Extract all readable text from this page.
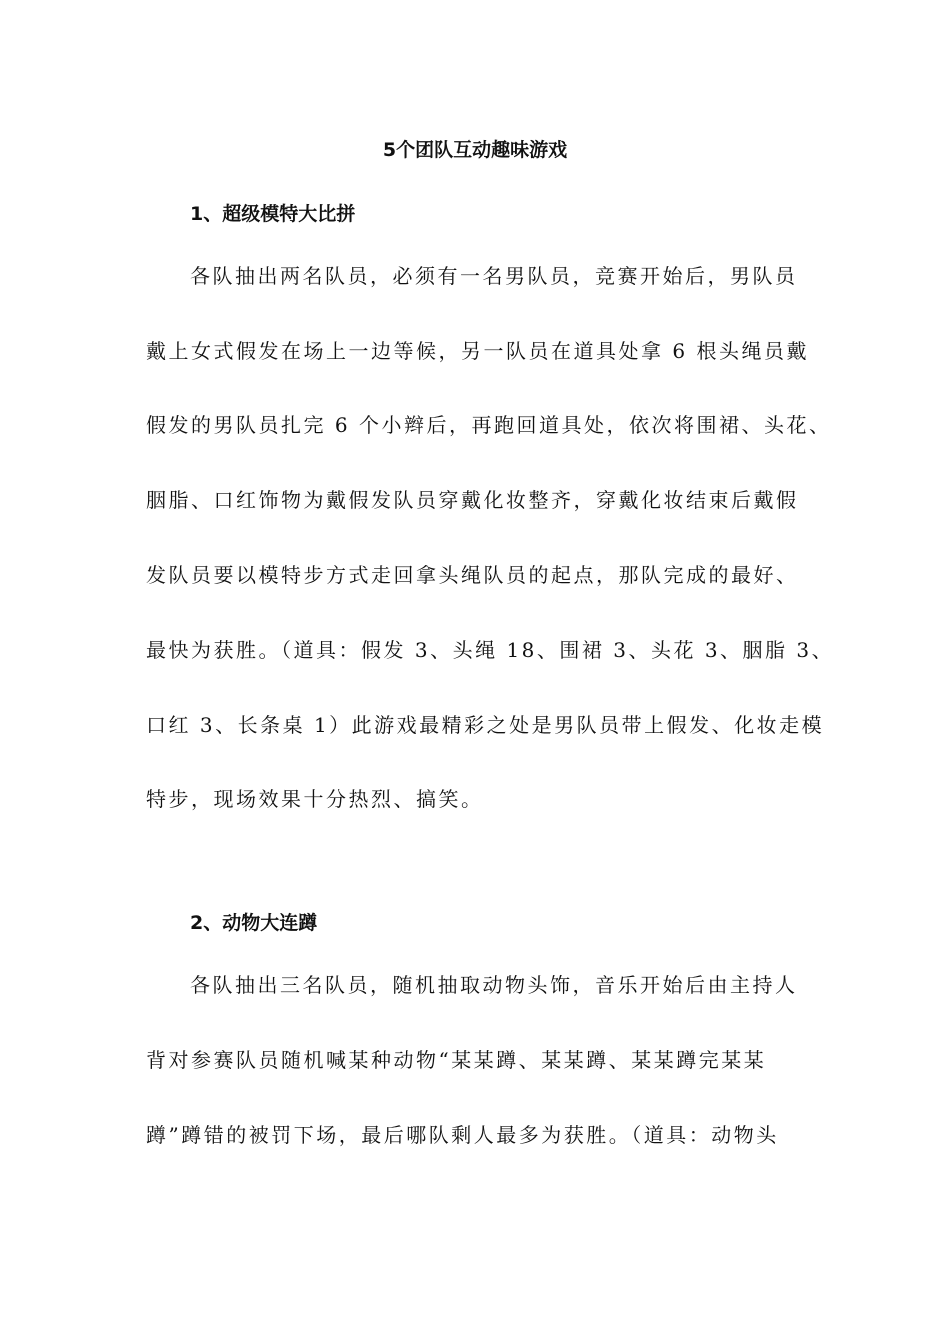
5个团队互动趣味游戏
1、超级模特大比拼
各队抽出两名队员，必须有一名男队员，竞赛开始后，男队员
戴上女式假发在场上一边等候，另一队员在道具处拿 6 根头绳员戴
假发的男队员扎完 6 个小辫后，再跑回道具处，依次将围裙、头花、
胭脂、口红饰物为戴假发队员穿戴化妆整齐，穿戴化妆结束后戴假
发队员要以模特步方式走回拿头绳队员的起点，那队完成的最好、
最快为获胜。（道具：假发 3、头绳 18、围裙 3、头花 3、胭脂 3、
口红 3、长条桌 1）此游戏最精彩之处是男队员带上假发、化妆走模
特步，现场效果十分热烈、搞笑。
2、动物大连蹲
各队抽出三名队员，随机抽取动物头饰，音乐开始后由主持人
背对参赛队员随机喊某种动物“某某蹲、某某蹲、某某蹲完某某
蹲”蹲错的被罚下场，最后哪队剩人最多为获胜。（道具：动物头
